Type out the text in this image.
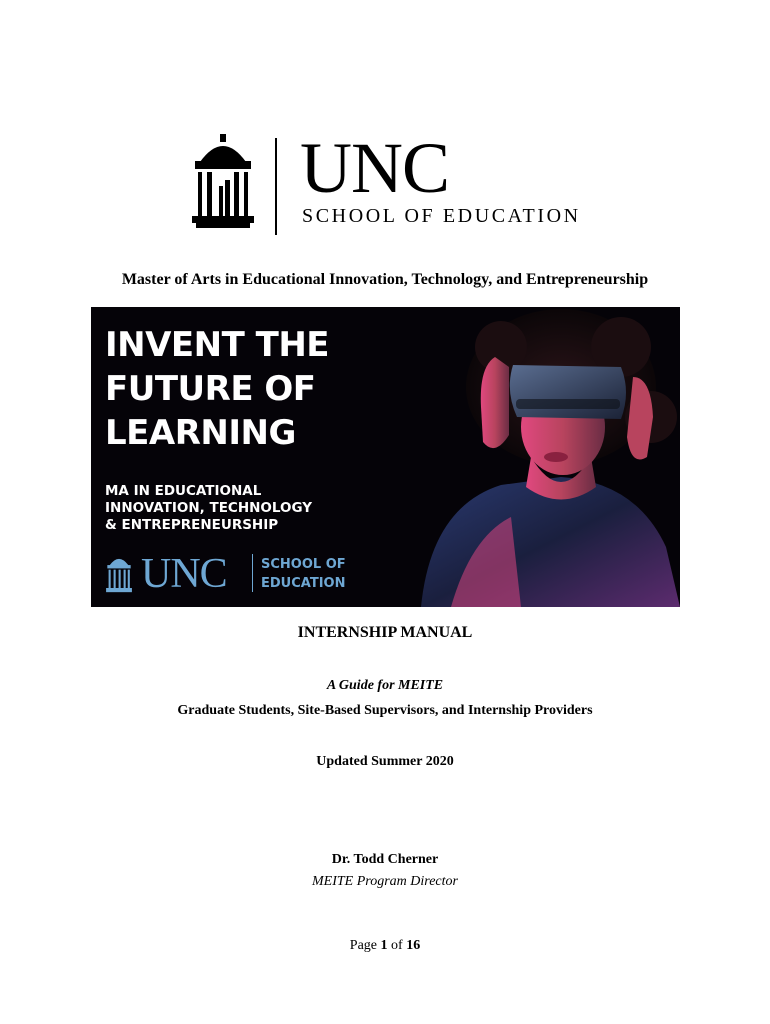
UNC
SCHOOL OF EDUCATION
Master of Arts in Educational Innovation, Technology, and Entrepreneurship
INVENT THE
FUTURE OF
LEARNING
MA IN EDUCATIONAL
INNOVATION, TECHNOLOGY
& ENTREPRENEURSHIP
UNC	SCHOOL OF
EDUCATION
INTERNSHIP MANUAL
A Guide for MEITE
Graduate Students, Site-Based Supervisors, and Internship Providers
Updated Summer 2020
Dr. Todd Cherner
MEITE Program Director
Page 1 of 16
